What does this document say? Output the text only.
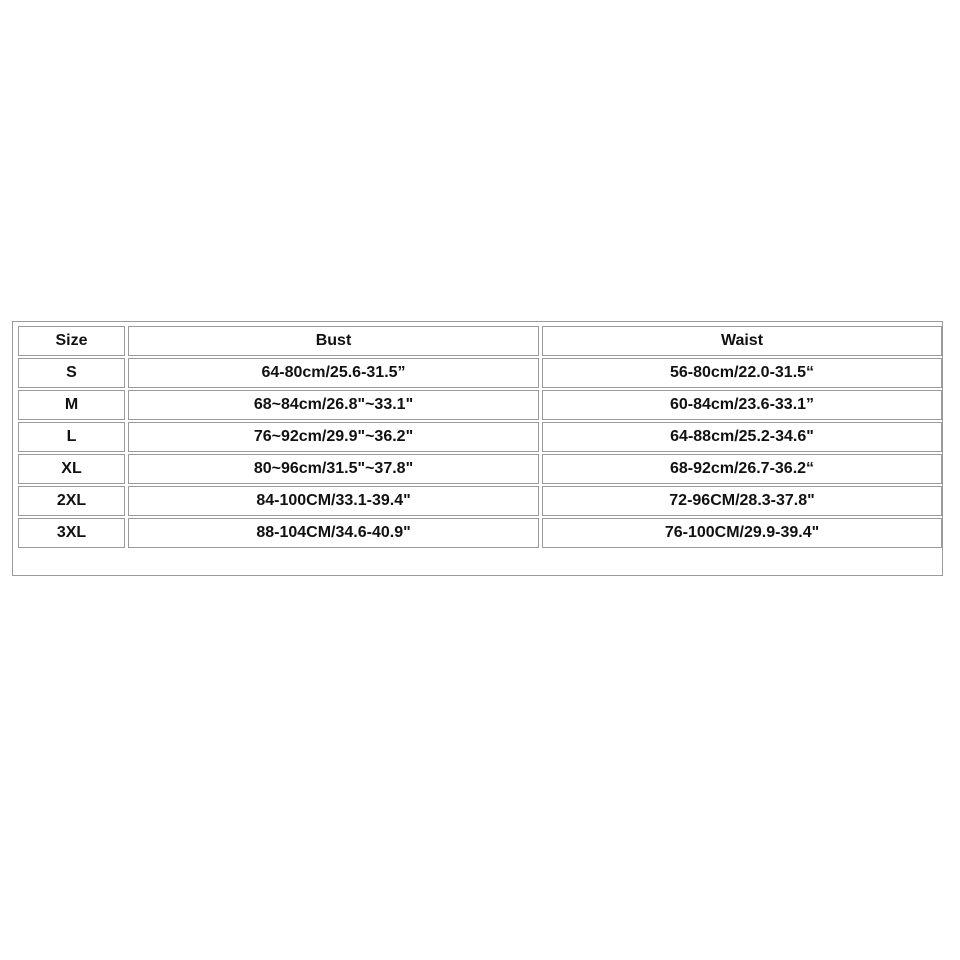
Size	Bust	Waist
S	64-80cm/25.6-31.5”	56-80cm/22.0-31.5“
M	68~84cm/26.8"~33.1"	60-84cm/23.6-33.1”
L	76~92cm/29.9"~36.2"	64-88cm/25.2-34.6"
XL	80~96cm/31.5"~37.8"	68-92cm/26.7-36.2“
2XL	84-100CM/33.1-39.4"	72-96CM/28.3-37.8"
3XL	88-104CM/34.6-40.9"	76-100CM/29.9-39.4"
